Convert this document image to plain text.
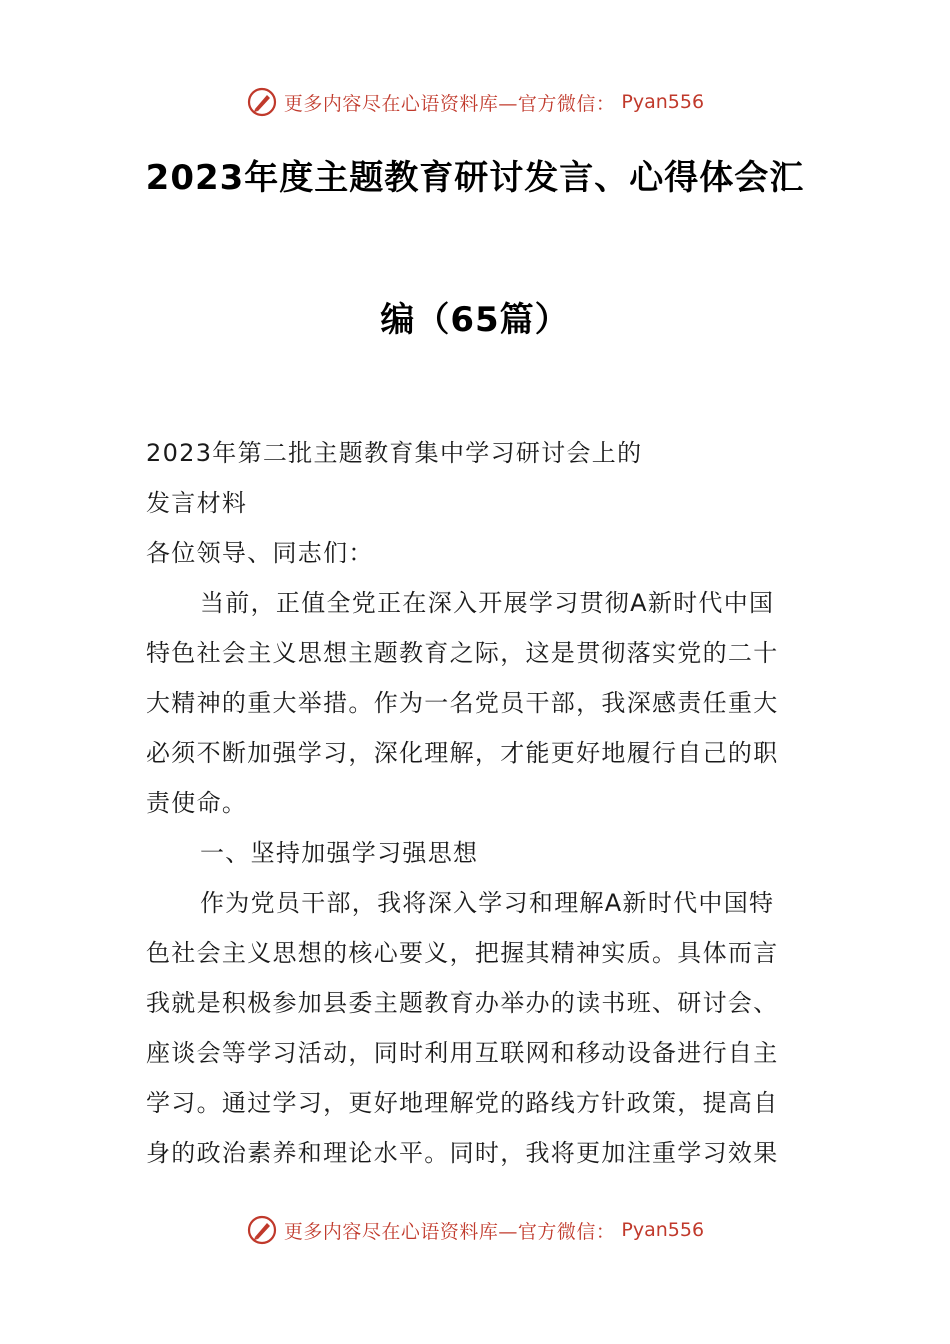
更多内容尽在心语资料库—官方微信： Pyan556
2023年度主题教育研讨发言、心得体会汇
编（65篇）
2023年第二批主题教育集中学习研讨会上的
发言材料
各位领导、同志们：
当前，正值全党正在深入开展学习贯彻A新时代中国
特色社会主义思想主题教育之际，这是贯彻落实党的二十
大精神的重大举措。作为一名党员干部，我深感责任重大
必须不断加强学习，深化理解，才能更好地履行自己的职
责使命。
一、坚持加强学习强思想
作为党员干部，我将深入学习和理解A新时代中国特
色社会主义思想的核心要义，把握其精神实质。具体而言
我就是积极参加县委主题教育办举办的读书班、研讨会、
座谈会等学习活动，同时利用互联网和移动设备进行自主
学习。通过学习，更好地理解党的路线方针政策，提高自
身的政治素养和理论水平。同时，我将更加注重学习效果
更多内容尽在心语资料库—官方微信： Pyan556
